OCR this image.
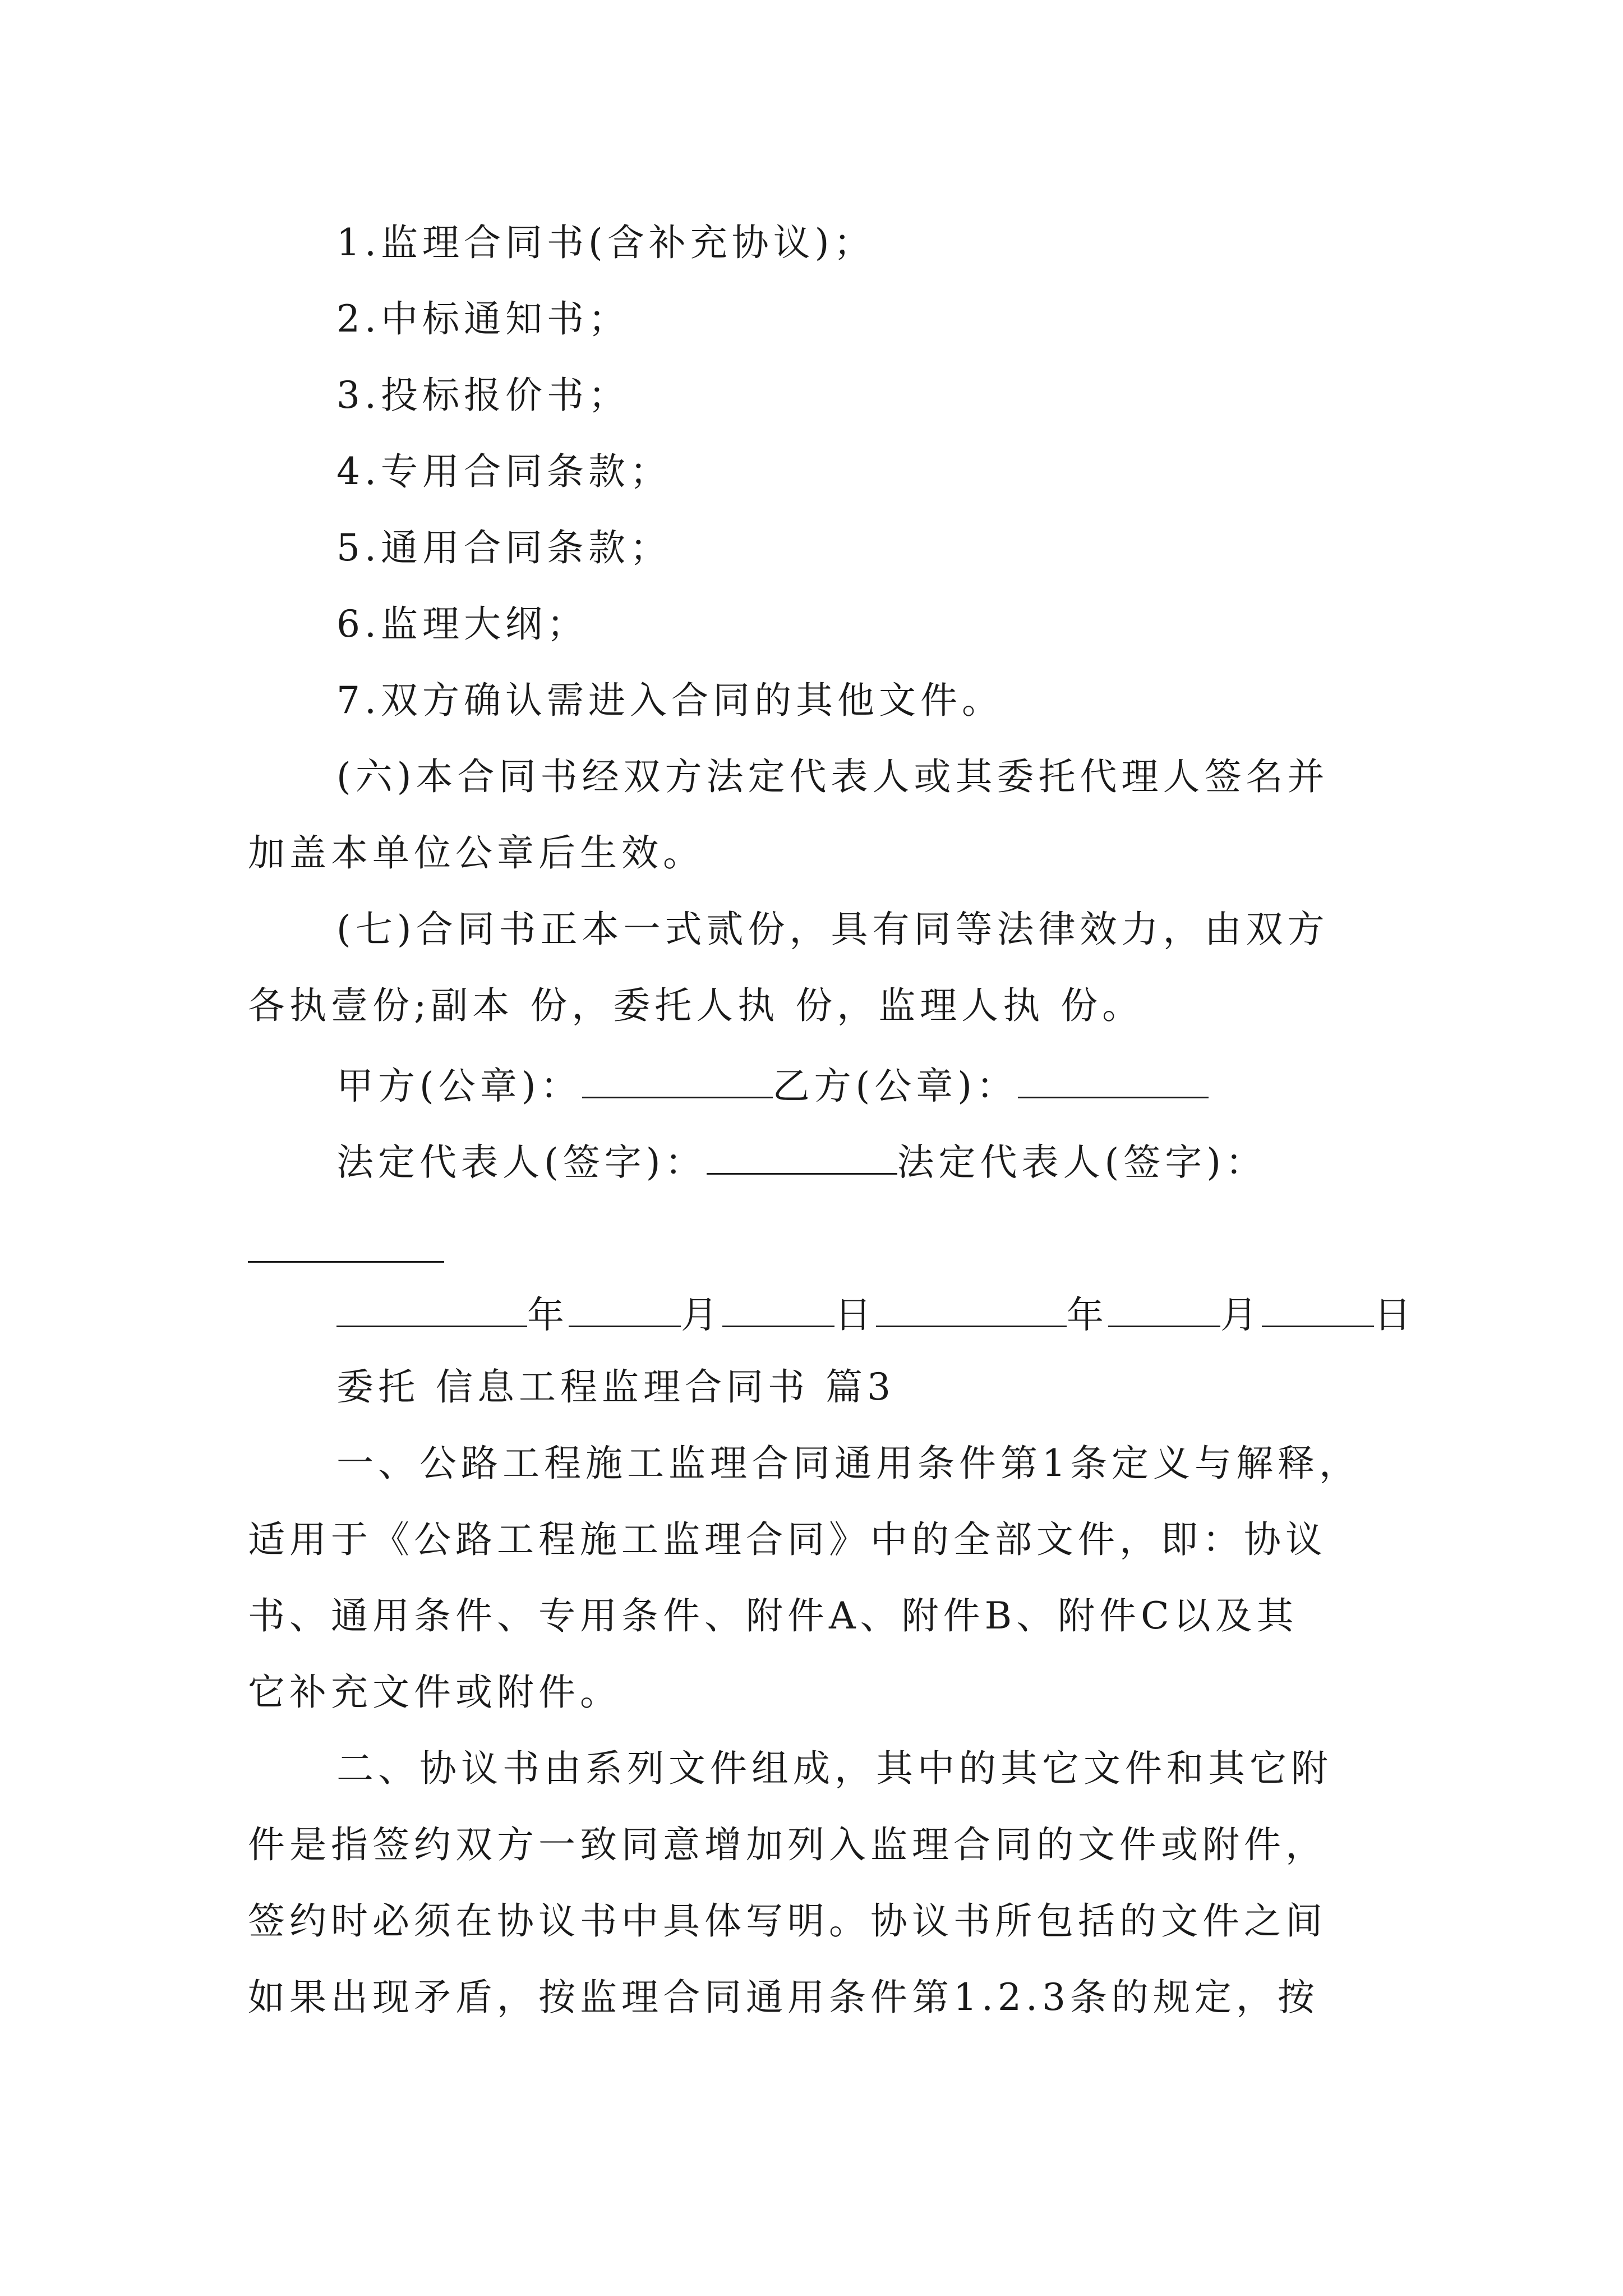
1.监理合同书(含补充协议)；
2.中标通知书；
3.投标报价书；
4.专用合同条款；
5.通用合同条款；
6.监理大纲；
7.双方确认需进入合同的其他文件。
(六)本合同书经双方法定代表人或其委托代理人签名并
加盖本单位公章后生效。
(七)合同书正本一式贰份，具有同等法律效力，由双方
各执壹份;副本 份，委托人执 份，监理人执 份。
甲方(公章)：	乙方(公章)：
法定代表人(签字)：	法定代表人(签字)：
年	月	日	年	月	日
委托 信息工程监理合同书 篇3
一、公路工程施工监理合同通用条件第1条定义与解释，
适用于《公路工程施工监理合同》中的全部文件，即：协议
书、通用条件、专用条件、附件A、附件B、附件C以及其
它补充文件或附件。
二、协议书由系列文件组成，其中的其它文件和其它附
件是指签约双方一致同意增加列入监理合同的文件或附件，
签约时必须在协议书中具体写明。协议书所包括的文件之间
如果出现矛盾，按监理合同通用条件第1.2.3条的规定，按
